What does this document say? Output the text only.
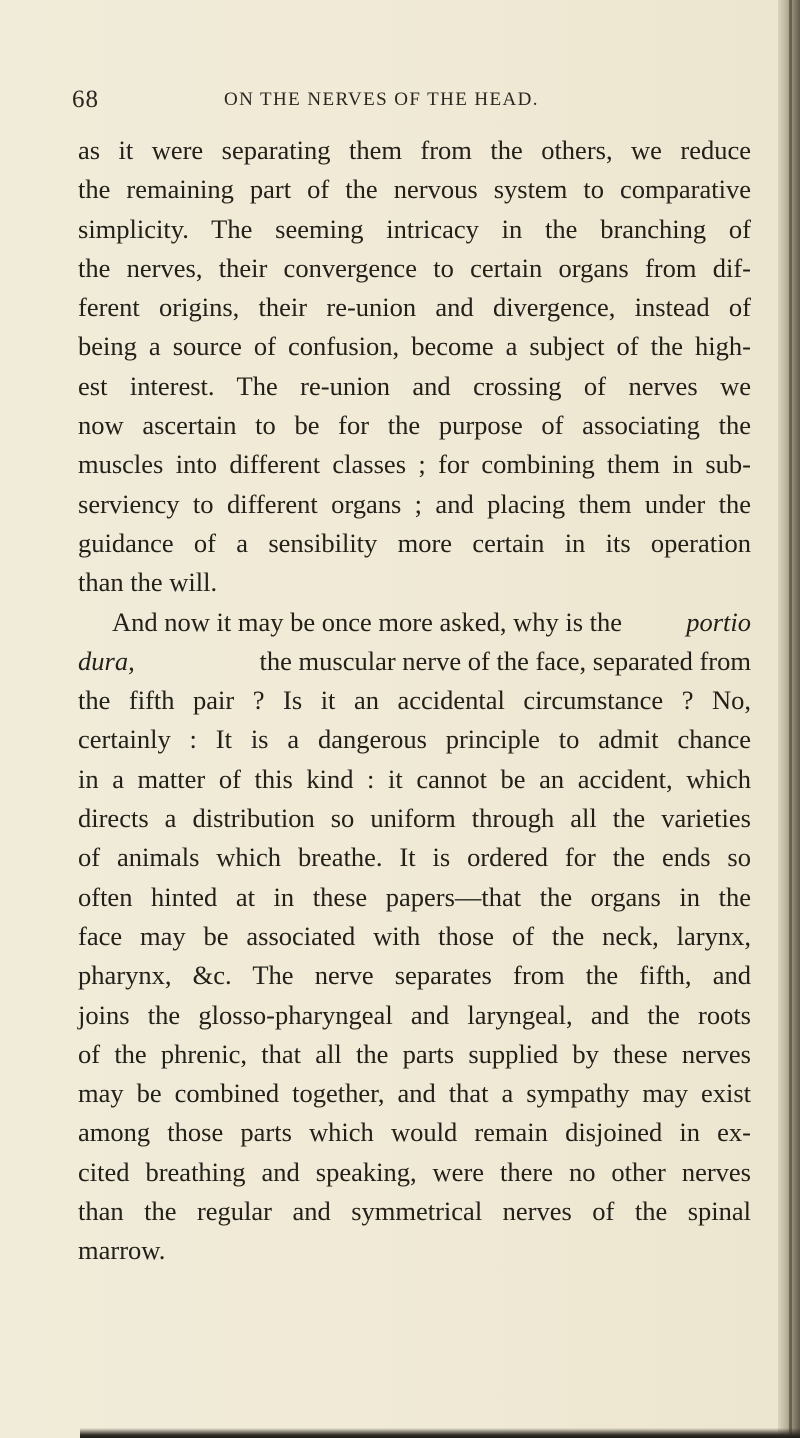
68	ON THE NERVES OF THE HEAD.
as it were separating them from the others, we reduce
the remaining part of the nervous system to comparative
simplicity. The seeming intricacy in the branching of
the nerves, their convergence to certain organs from dif-
ferent origins, their re-union and divergence, instead of
being a source of confusion, become a subject of the high-
est interest. The re-union and crossing of nerves we
now ascertain to be for the purpose of associating the
muscles into different classes ; for combining them in sub-
serviency to different organs ; and placing them under the
guidance of a sensibility more certain in its operation
than the will.
And now it may be once more asked, why is the portio
dura,	the muscular nerve of the face, separated from
the fifth pair ? Is it an accidental circumstance ? No,
certainly : It is a dangerous principle to admit chance
in a matter of this kind : it cannot be an accident, which
directs a distribution so uniform through all the varieties
of animals which breathe. It is ordered for the ends so
often hinted at in these papers—that the organs in the
face may be associated with those of the neck, larynx,
pharynx, &c. The nerve separates from the fifth, and
joins the glosso-pharyngeal and laryngeal, and the roots
of the phrenic, that all the parts supplied by these nerves
may be combined together, and that a sympathy may exist
among those parts which would remain disjoined in ex-
cited breathing and speaking, were there no other nerves
than the regular and symmetrical nerves of the spinal
marrow.
